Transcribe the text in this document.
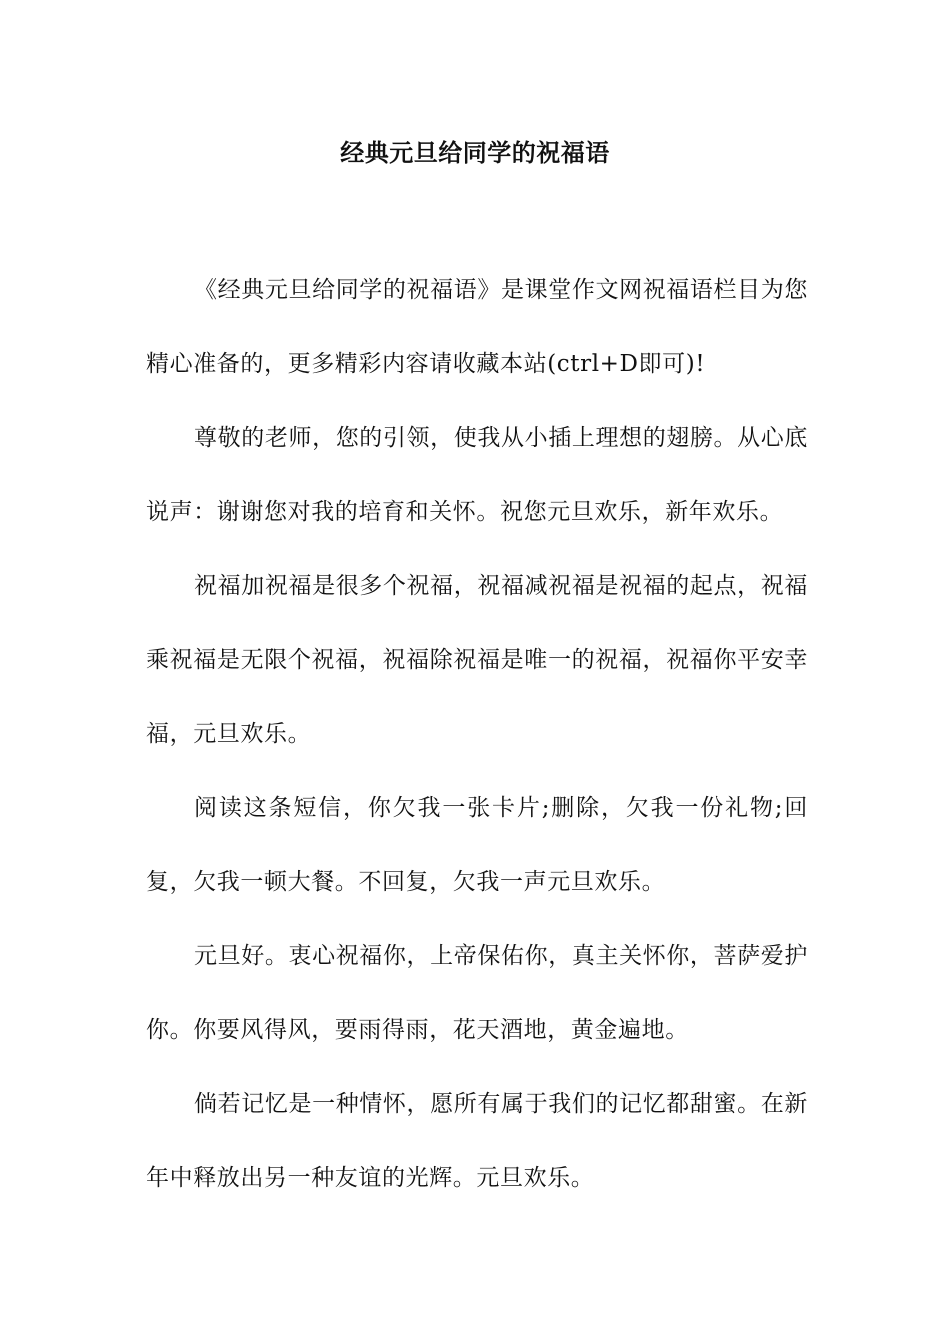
经典元旦给同学的祝福语

《经典元旦给同学的祝福语》是课堂作文网祝福语栏目为您精心准备的，更多精彩内容请收藏本站(ctrl+D即可)!

尊敬的老师，您的引领，使我从小插上理想的翅膀。从心底说声：谢谢您对我的培育和关怀。祝您元旦欢乐，新年欢乐。

祝福加祝福是很多个祝福，祝福减祝福是祝福的起点，祝福乘祝福是无限个祝福，祝福除祝福是唯一的祝福，祝福你平安幸福，元旦欢乐。

阅读这条短信，你欠我一张卡片;删除，欠我一份礼物;回复，欠我一顿大餐。不回复，欠我一声元旦欢乐。

元旦好。衷心祝福你，上帝保佑你，真主关怀你，菩萨爱护你。你要风得风，要雨得雨，花天酒地，黄金遍地。

倘若记忆是一种情怀，愿所有属于我们的记忆都甜蜜。在新年中释放出另一种友谊的光辉。元旦欢乐。
